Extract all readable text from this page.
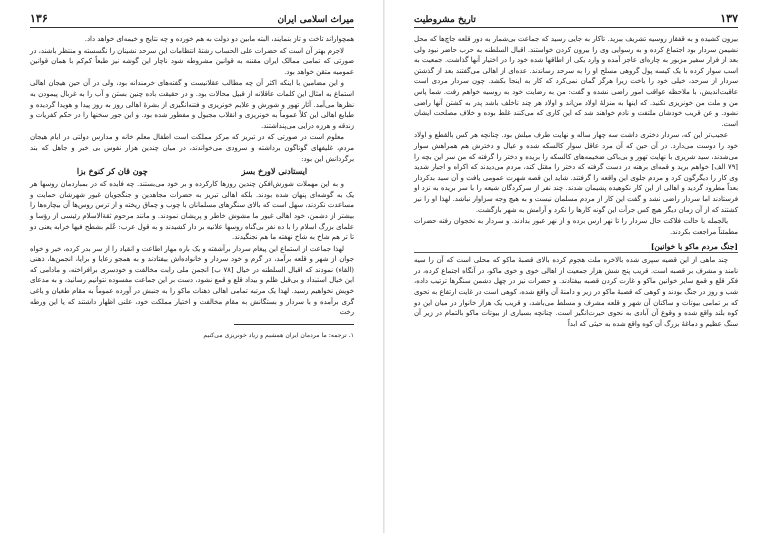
میراث اسلامی ایران
۱۳۶

همچواراند تاخت و تاز بنمایند، البته مابین دو دولت به هم خورده و چه نتایج و خیمه‌ای خواهد داد.

لاجرم بهتر آن است که حضرات علی الحساب رشتهٔ انتظامات این سرحد نشینان را نگسسته و منتظر باشند، در صورتی که تمامی ممالک ایران مقننه به قوانین مشروطه شود ناچار این گوشه نیز طبعاً کم‌کم با همان قوانین عمومیه متقن خواهد بود.

و این مضامین با اینکه اکثر آن چه مطالب عقلانیست و گفته‌های خرمندانه بود، ولی در آن حین هیجان اهالی استماع به امثال این کلمات عاقلانه از قبیل محالات بود. و در حقیقت باده چنین بستن و آب را به غربال پیمودن به نظرها می‌آمد. آثار تهور و شورش و علایم خونریزی و فتنه‌انگیزی از بشره‌ٔ اهالی روز به روز پیدا و هویدا گردیده و طبایع اهالی این کلاً عموماً به خونریزی و انقلاب مجبول و مفطور شده بود. و این جور سخنها را در حکم کفریات و زندقه و هرزه درایی می‌پنداشتند.

معلوم است در صورتی که در تبریز که مرکز مملکت است اطفال معلم خانه و مدارس دولتی در ایام هیجان مردم، غلیفهای گوناگون برداشته و سرودی می‌خواندند، در میان چندین هزار نفوس بی خبر و جاهل که بند برگردانش این بود:

ایستادنی لاورخ بسز
چون قان کر کنوخ بزا

و به این مهملات شورش‌افکن چندین روزها کارکرده و بر خود می‌بستند. چه فایده که در بمباردمان روسها هر یک به گوشه‌ای پنهان شده بودند. بلکه اهالی تبریز به حضرات مجاهدین و جنگجویان غیور شهرشان حمایت و مساعدت نکردند، سهل است که بالای سنگرهای مسلمانان با چوب و چماق ریخته و از ترس روس‌ها آن بیچاره‌ها را بیشتر از دشمن، خود اهالی غیور ما مشوش خاطر و پریشان نمودند. و مانند مرحوم ثقة‌الاسلام رئیسی از رؤسا و علمای بزرگ اسلام را با ده نفر بی‌گناه روسها علانیه بر دار کشیدند و به قول عرب: عُلم بشطح فیها خرابه یعنی دو تا تر هم شاخ به شاخ نهفته ما هم نجنگیدند.

لهذا جماعت از استماع این پیغام سردار برآشفته و یک باره مهار اطاعت و انقیاد را از سر بدر کرده، خیر و خواه جوان از شهر و قلعه برآمد، در گرم و خود سردار و خانواده‌اش بیفتادند و به همجو رعایا و برایا، انجمن‌ها، ذهنی (القاء) نمودند که اقبال السلطنه در خیال [۷۸ ب] انجمن ملی رابت مخالفت و خودسری برافراخته، و مادامی که این خیال استبداد و بی‌قبل ظلم و بیداد قلع و قمع نشود، دست بر این جماعت مفسوده نتوانیم رسانید، و به مدعای خویش نخواهیم رسید. لهذا یک مرتبه تمامی اهالی ذهنات ماکو را به جنبش در آورده عموماً به مقام طغیان و یاغی گری برآمده و با سردار و بستگانش به مقام مخالفت و اختیار مملکت خود، علنی اظهار داشتند که یا این ورطه رخت

۱. ترجمه: ما مردمان ایران همشیم و زیاد خونریزی می‌کنیم

۱۳۷
تاریخ مشروطیت

بیرون کشیده و به قفقاز روسیه تشریف ببرید. تاکار به جایی رسید که جماعت بی‌شمار به دور قلعه جاچ‌ها که محل نشیمن سردار بود اجتماع کرده و به رسوایی وی را بیرون کردن خواستند. اقبال السلطنه به حرب حاضر نبود ولی بعد از فرار سفیر مزبور به چاره‌ای عاجز آمده و وارد یکی از اطاقها شده خود را در اختیار آنها گذاشت. جمعیت به اسب سوار کرده با یک کیسه پول گروهی مسلح او را به سرحد رساندند. عده‌ای از اهالی می‌گفتند بعد از گذشتن سردار از سرحد، خیلی خود را باخت زیرا هرگز گمان نمی‌کرد که کار به اینجا بکشد. چون سردار مردی است عاقبت‌اندیش، با ملاحظه عواقب امور راضی نشده و گفت: من به رضایت خود به روسیه خواهم رفت. شما پاس من و ملت من خونریزی نکنید. که اینها به منزلهٔ اولاد من‌اند و اولاد هر چند ناخلف باشد پدر به کشتن آنها راضی نشود. و عن قریب خودشان ملتفت و نادم خواهند شد که این کاری که می‌کنند غلط بوده و خلاف مصلحت ایشان است.

عجیب‌تر این که، سردار دختری داشت سه چهار ساله و نهایت طرف میلش بود. چنانچه هر کس بالقطع و اولاد خود را دوست می‌دارد. در آن حین که آن مرد عاقل سوار کالسکه شده و عیال و دخترش هم همراهش سوار می‌شدند، سید شریری با نهایت تهور و بی‌باکی ضخیمه‌های کالسکه را بریده و دختر را گرفته که من سر این بچه را [۷۹ الف] خواهم برید و قمه‌ای برهنه در دست گرفته که دختر را مقتل کند، مردم می‌دیدند که اکراه و اجبار شدید وی کار را دیگرگون کرد و مردم جلوی این واقعه را گرفتند. شاید این قصه شهرت عمومی یافت و آن سید بدکردار بعداً مطرود گردید و اهالی از این کار نکوهیده پشیمان شدند. چند نفر از سرکردگان شیعه را با سر بریده به نزد او فرستادند اما سردار راضی نشد و گفت این کار از مردم مسلمان نیست و به هیچ وجه سزاوار نباشد. لهذا او را نیز کشتند که از آن زمان دیگر هیچ کس جرأت این گونه کارها را نکرد و آرامش به شهر بازگشت.

بالجمله با حالت فلاکت حال سردار را تا نهر ارس برده و از نهر عبور بدادند. و سردار به نخجوان رفته حضرات مطمئناً مراجعت بکردند.

[جنگ مردم ماکو با خوانین]

چند ماهی از این قضیه سپری شده بالاخره ملت هجوم کرده بالای قصبهٔ ماکو که محلی است که آن را سیه نامند و مشرف بر قصبه است. قریب پنج شش هزار جمعیت از اهالی خوی و خوی ماکو، در آنگاه اجتماع کرده، در فکر قلع و قمع سایر خوانین ماکو و غارت کردن قصبه بیفتادند. و حضرات نیز در چهل دشمن سنگرها ترتیب داده، شب و روز در جنگ بودند و کوهی که قصبهٔ ماکو در زیر و دامنهٔ آن واقع شده، کوهی است در غایت ارتفاع به نحوی که بر تمامی بیوتات و ساکنان آن شهر و قلعه مشرف و مسلط می‌باشد، و قریب یک هزار خانوار در میان این دو کوه بلند واقع شده و وقوع آن آبادی به نحوی حیرت‌انگیز است. چنانچه بسیاری از بیوتات ماکو بالتمام در زیر آن سنگ عظیم و دماغهٔ بزرگ آن کوه واقع شده به حیثی که ابداً
